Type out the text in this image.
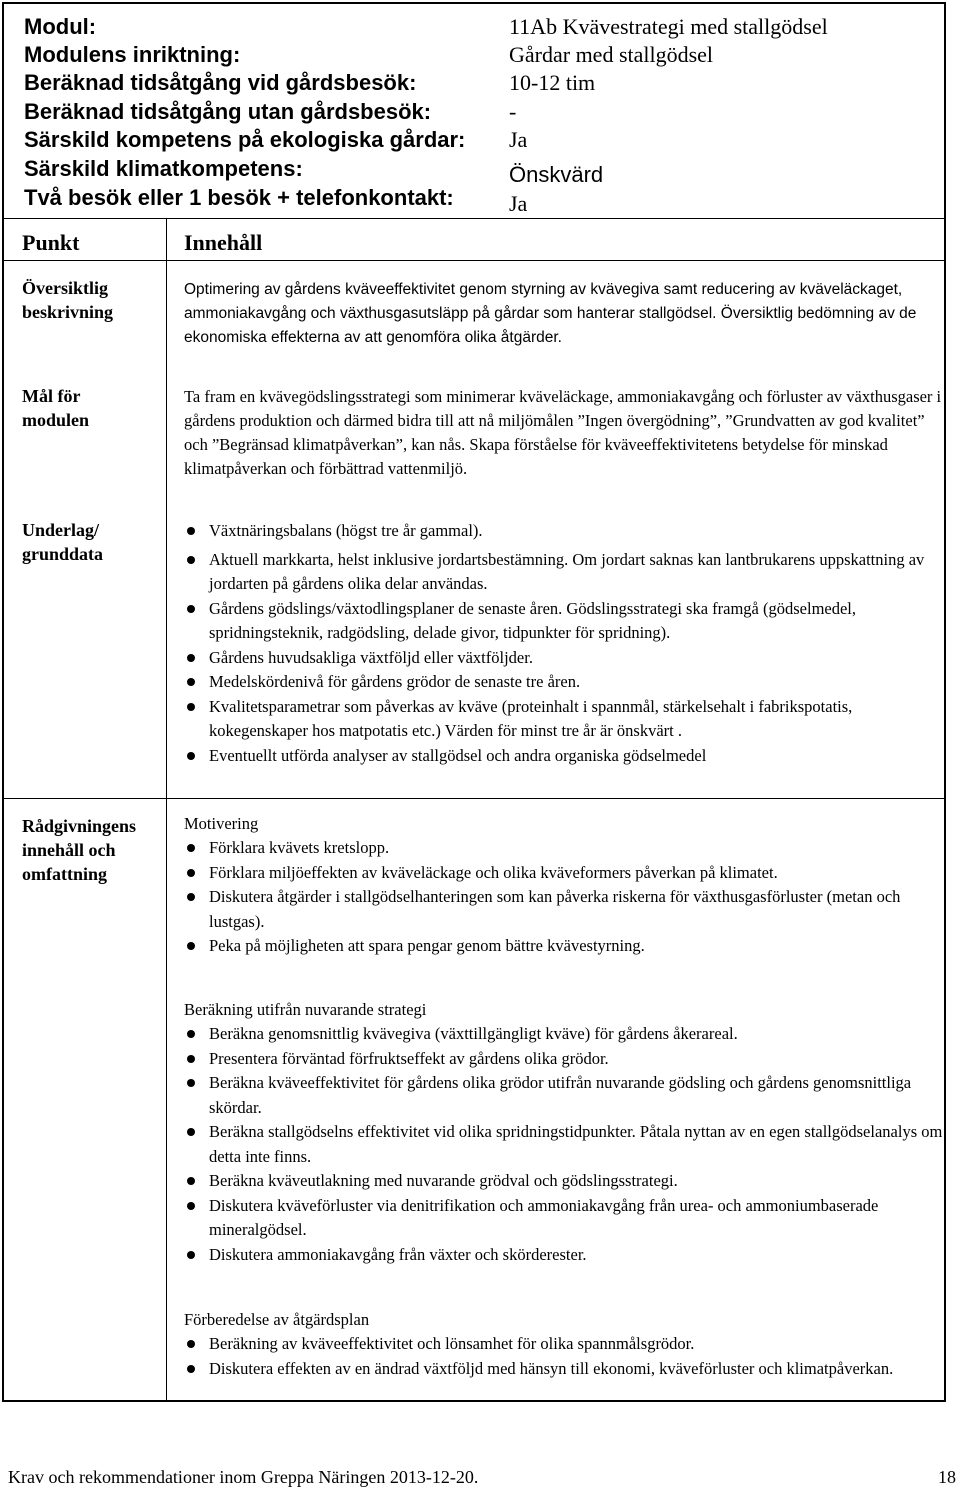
Modul:
Modulens inriktning:
Beräknad tidsåtgång vid gårdsbesök:
Beräknad tidsåtgång utan gårdsbesök:
Särskild kompetens på ekologiska gårdar:
Särskild klimatkompetens:
Två besök eller 1 besök + telefonkontakt:
11Ab Kvävestrategi med stallgödsel
Gårdar med stallgödsel
10-12 tim
-
Ja
Önskvärd
Ja
Punkt	Innehåll
Översiktlig
beskrivning
Mål för
modulen
Underlag/
grunddata
Rådgivningens
innehåll och
omfattning

Optimering av gårdens kväveeffektivitet genom styrning av kvävegiva samt reducering av kväveläckaget, ammoniakavgång och växthusgasutsläpp på gårdar som hanterar stallgödsel. Översiktlig bedömning av de ekonomiska effekterna av att genomföra olika åtgärder.

Ta fram en kvävegödslingsstrategi som minimerar kväveläckage, ammoniakavgång och förluster av växthusgaser i gårdens produktion och därmed bidra till att nå miljömålen ”Ingen övergödning”, ”Grundvatten av god kvalitet” och ”Begränsad klimatpåverkan”, kan nås. Skapa förståelse för kväveeffektivitetens betydelse för minskad klimatpåverkan och förbättrad vattenmiljö.

Växtnäringsbalans (högst tre år gammal).
Aktuell markkarta, helst inklusive jordartsbestämning. Om jordart saknas kan lantbrukarens uppskattning av jordarten på gårdens olika delar användas.
Gårdens gödslings/växtodlingsplaner de senaste åren. Gödslingsstrategi ska framgå (gödselmedel, spridningsteknik, radgödsling, delade givor, tidpunkter för spridning).
Gårdens huvudsakliga växtföljd eller växtföljder.
Medelskördenivå för gårdens grödor de senaste tre åren.
Kvalitetsparametrar som påverkas av kväve (proteinhalt i spannmål, stärkelsehalt i fabrikspotatis, kokegenskaper hos matpotatis etc.) Värden för minst tre år är önskvärt .
Eventuellt utförda analyser av stallgödsel och andra organiska gödselmedel

Motivering

Förklara kvävets kretslopp.
Förklara miljöeffekten av kväveläckage och olika kväveformers påverkan på klimatet.
Diskutera åtgärder i stallgödselhanteringen som kan påverka riskerna för växthusgasförluster (metan och lustgas).
Peka på möjligheten att spara pengar genom bättre kvävestyrning.

Beräkning utifrån nuvarande strategi

Beräkna genomsnittlig kvävegiva (växttillgängligt kväve) för gårdens åkerareal.
Presentera förväntad förfruktseffekt av gårdens olika grödor.
Beräkna kväveeffektivitet för gårdens olika grödor utifrån nuvarande gödsling och gårdens genomsnittliga skördar.
Beräkna stallgödselns effektivitet vid olika spridningstidpunkter. Påtala nyttan av en egen stallgödselanalys om detta inte finns.
Beräkna kväveutlakning med nuvarande grödval och gödslingsstrategi.
Diskutera kväveförluster via denitrifikation och ammoniakavgång från urea- och ammoniumbaserade mineralgödsel.
Diskutera ammoniakavgång från växter och skörderester.

Förberedelse av åtgärdsplan

Beräkning av kväveeffektivitet och lönsamhet för olika spannmålsgrödor.
Diskutera effekten av en ändrad växtföljd med hänsyn till ekonomi, kväveförluster och klimatpåverkan.
Krav och rekommendationer inom Greppa Näringen 2013-12-20.	18
